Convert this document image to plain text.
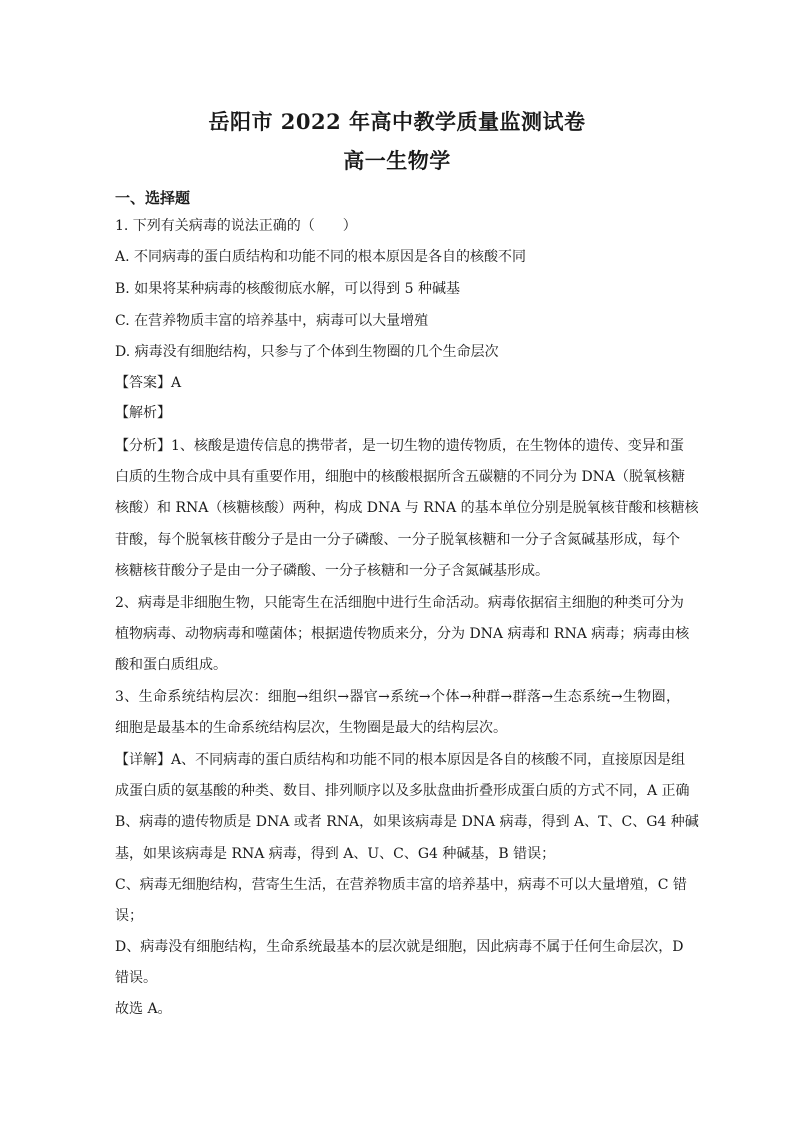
岳阳市 2022 年高中教学质量监测试卷
高一生物学
一、选择题
1. 下列有关病毒的说法正确的（　　）
A. 不同病毒的蛋白质结构和功能不同的根本原因是各自的核酸不同
B. 如果将某种病毒的核酸彻底水解，可以得到 5 种碱基
C. 在营养物质丰富的培养基中，病毒可以大量增殖
D. 病毒没有细胞结构，只参与了个体到生物圈的几个生命层次
【答案】A
【解析】
【分析】1、核酸是遗传信息的携带者，是一切生物的遗传物质，在生物体的遗传、变异和蛋
白质的生物合成中具有重要作用，细胞中的核酸根据所含五碳糖的不同分为 DNA（脱氧核糖
核酸）和 RNA（核糖核酸）两种，构成 DNA 与 RNA 的基本单位分别是脱氧核苷酸和核糖核
苷酸，每个脱氧核苷酸分子是由一分子磷酸、一分子脱氧核糖和一分子含氮碱基形成，每个
核糖核苷酸分子是由一分子磷酸、一分子核糖和一分子含氮碱基形成。
2、病毒是非细胞生物，只能寄生在活细胞中进行生命活动。病毒依据宿主细胞的种类可分为
植物病毒、动物病毒和噬菌体；根据遗传物质来分，分为 DNA 病毒和 RNA 病毒；病毒由核
酸和蛋白质组成。
3、生命系统结构层次：细胞→组织→器官→系统→个体→种群→群落→生态系统→生物圈，
细胞是最基本的生命系统结构层次，生物圈是最大的结构层次。
【详解】A、不同病毒的蛋白质结构和功能不同的根本原因是各自的核酸不同，直接原因是组
成蛋白质的氨基酸的种类、数目、排列顺序以及多肽盘曲折叠形成蛋白质的方式不同，A 正确
B、病毒的遗传物质是 DNA 或者 RNA，如果该病毒是 DNA 病毒，得到 A、T、C、G4 种碱
基，如果该病毒是 RNA 病毒，得到 A、U、C、G4 种碱基，B 错误；
C、病毒无细胞结构，营寄生生活，在营养物质丰富的培养基中，病毒不可以大量增殖，C 错
误；
D、病毒没有细胞结构，生命系统最基本的层次就是细胞，因此病毒不属于任何生命层次，D
错误。
故选 A。
